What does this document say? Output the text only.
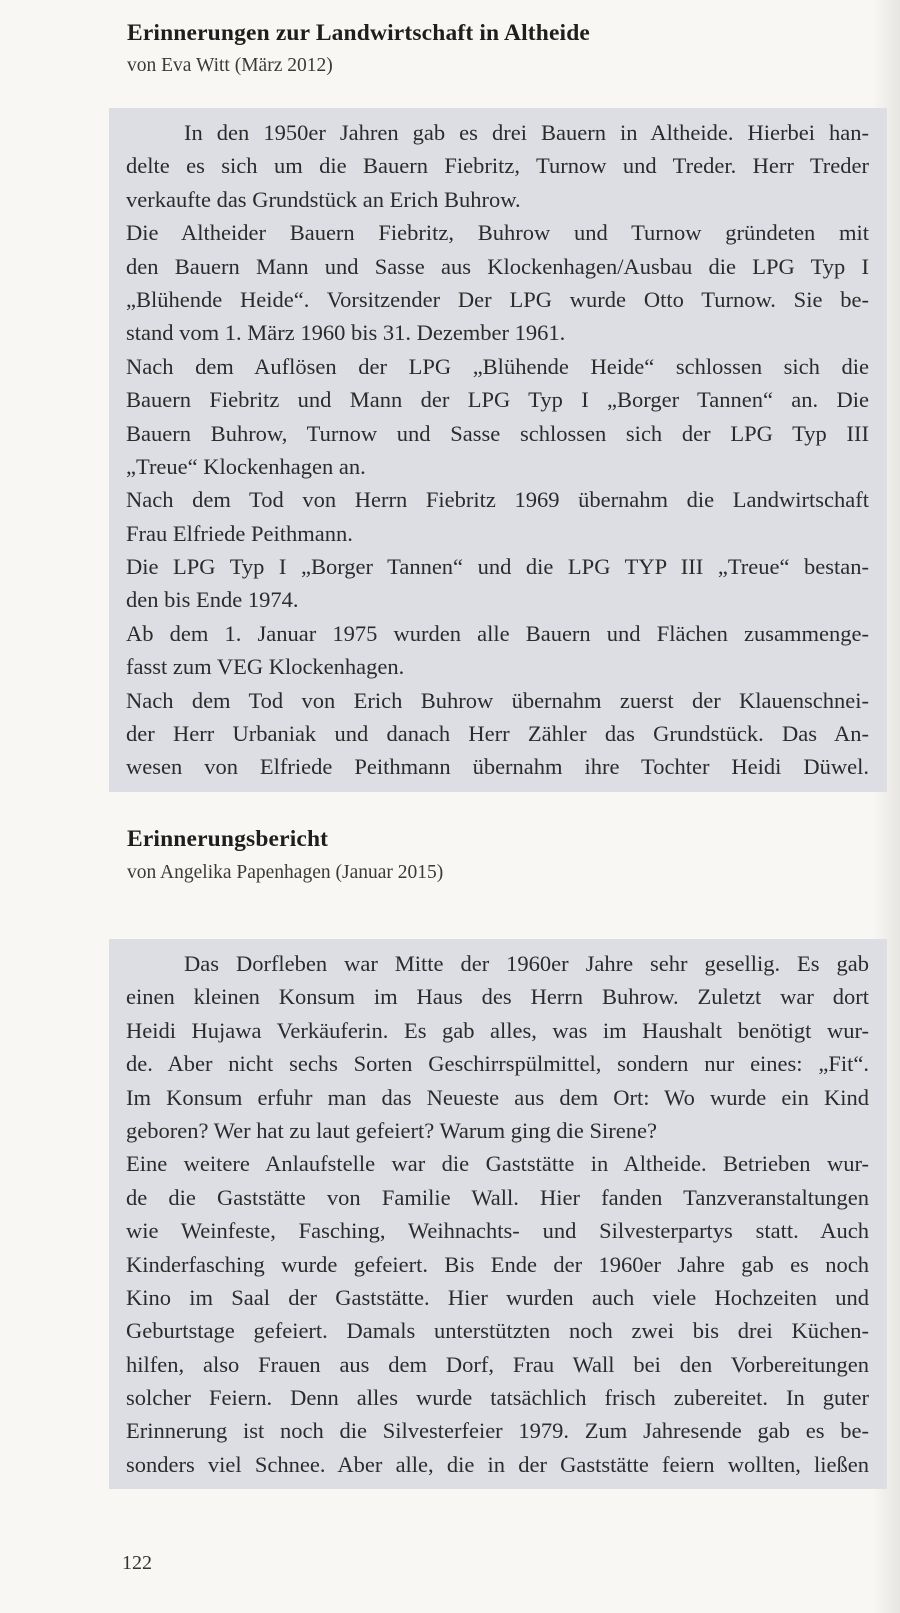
Erinnerungen zur Landwirtschaft in Altheide

von Eva Witt (März 2012)

In den 1950er Jahren gab es drei Bauern in Altheide. Hierbei han-
delte es sich um die Bauern Fiebritz, Turnow und Treder. Herr Treder
verkaufte das Grundstück an Erich Buhrow.
Die Altheider Bauern Fiebritz, Buhrow und Turnow gründeten mit
den Bauern Mann und Sasse aus Klockenhagen/Ausbau die LPG Typ I
„Blühende Heide“. Vorsitzender Der LPG wurde Otto Turnow. Sie be-
stand vom 1. März 1960 bis 31. Dezember 1961.
Nach dem Auflösen der LPG „Blühende Heide“ schlossen sich die
Bauern Fiebritz und Mann der LPG Typ I „Borger Tannen“ an. Die
Bauern Buhrow, Turnow und Sasse schlossen sich der LPG Typ III
„Treue“ Klockenhagen an.
Nach dem Tod von Herrn Fiebritz 1969 übernahm die Landwirtschaft
Frau Elfriede Peithmann.
Die LPG Typ I „Borger Tannen“ und die LPG TYP III „Treue“ bestan-
den bis Ende 1974.
Ab dem 1. Januar 1975 wurden alle Bauern und Flächen zusammenge-
fasst zum VEG Klockenhagen.
Nach dem Tod von Erich Buhrow übernahm zuerst der Klauenschnei-
der Herr Urbaniak und danach Herr Zähler das Grundstück. Das An-
wesen von Elfriede Peithmann übernahm ihre Tochter Heidi Düwel.
Erinnerungsbericht

von Angelika Papenhagen (Januar 2015)

Das Dorfleben war Mitte der 1960er Jahre sehr gesellig. Es gab
einen kleinen Konsum im Haus des Herrn Buhrow. Zuletzt war dort
Heidi Hujawa Verkäuferin. Es gab alles, was im Haushalt benötigt wur-
de. Aber nicht sechs Sorten Geschirrspülmittel, sondern nur eines: „Fit“.
Im Konsum erfuhr man das Neueste aus dem Ort: Wo wurde ein Kind
geboren? Wer hat zu laut gefeiert? Warum ging die Sirene?
Eine weitere Anlaufstelle war die Gaststätte in Altheide. Betrieben wur-
de die Gaststätte von Familie Wall. Hier fanden Tanzveranstaltungen
wie Weinfeste, Fasching, Weihnachts- und Silvesterpartys statt. Auch
Kinderfasching wurde gefeiert. Bis Ende der 1960er Jahre gab es noch
Kino im Saal der Gaststätte. Hier wurden auch viele Hochzeiten und
Geburtstage gefeiert. Damals unterstützten noch zwei bis drei Küchen-
hilfen, also Frauen aus dem Dorf, Frau Wall bei den Vorbereitungen
solcher Feiern. Denn alles wurde tatsächlich frisch zubereitet. In guter
Erinnerung ist noch die Silvesterfeier 1979. Zum Jahresende gab es be-
sonders viel Schnee. Aber alle, die in der Gaststätte feiern wollten, ließen

122
